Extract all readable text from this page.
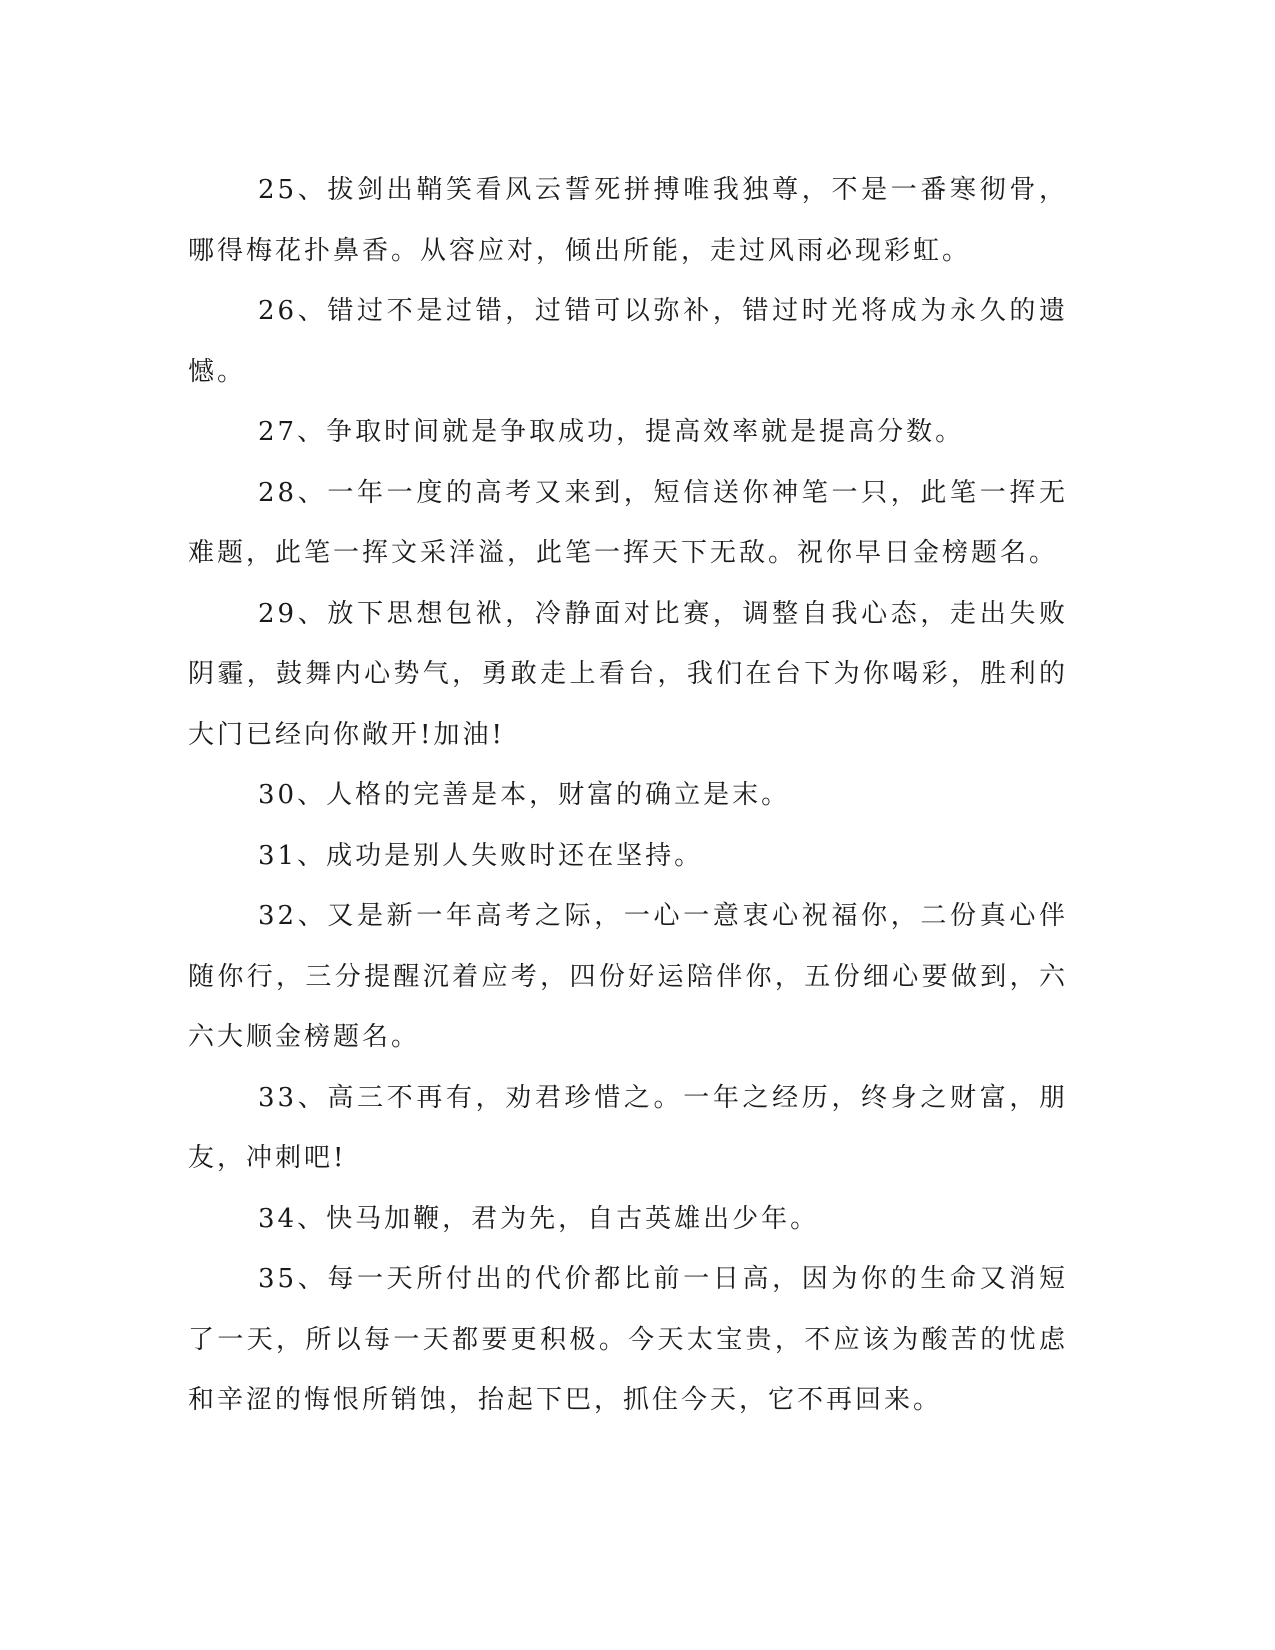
25、拔剑出鞘笑看风云誓死拼搏唯我独尊，不是一番寒彻骨，哪得梅花扑鼻香。从容应对，倾出所能，走过风雨必现彩虹。

26、错过不是过错，过错可以弥补，错过时光将成为永久的遗憾。

27、争取时间就是争取成功，提高效率就是提高分数。

28、一年一度的高考又来到，短信送你神笔一只，此笔一挥无难题，此笔一挥文采洋溢，此笔一挥天下无敌。祝你早日金榜题名。

29、放下思想包袱，冷静面对比赛，调整自我心态，走出失败阴霾，鼓舞内心势气，勇敢走上看台，我们在台下为你喝彩，胜利的大门已经向你敞开!加油!

30、人格的完善是本，财富的确立是末。

31、成功是别人失败时还在坚持。

32、又是新一年高考之际，一心一意衷心祝福你，二份真心伴随你行，三分提醒沉着应考，四份好运陪伴你，五份细心要做到，六六大顺金榜题名。

33、高三不再有，劝君珍惜之。一年之经历，终身之财富，朋友，冲刺吧!

34、快马加鞭，君为先，自古英雄出少年。

35、每一天所付出的代价都比前一日高，因为你的生命又消短了一天，所以每一天都要更积极。今天太宝贵，不应该为酸苦的忧虑和辛涩的悔恨所销蚀，抬起下巴，抓住今天，它不再回来。
